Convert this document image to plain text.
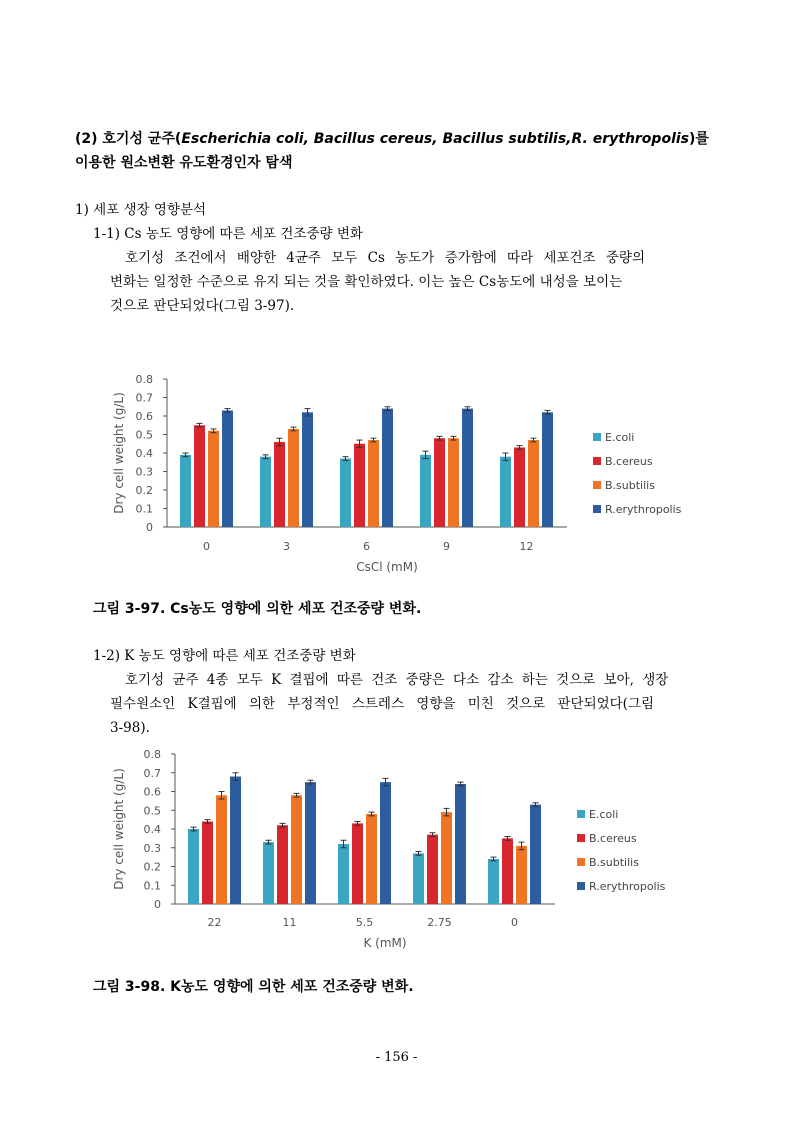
(2) 호기성 균주(Escherichia coli, Bacillus cereus, Bacillus subtilis,R. erythropolis)를
이용한 원소변환 유도환경인자 탐색
1) 세포 생장 영향분석
1-1) Cs 농도 영향에 따른 세포 건조중량 변화
호기성 조건에서 배양한 4균주 모두 Cs 농도가 증가함에 따라 세포건조 중량의
변화는 일정한 수준으로 유지 되는 것을 확인하였다. 이는 높은 Cs농도에 내성을 보이는
것으로 판단되었다(그림 3-97).
0
0.1
0.2
0.3
0.4
0.5
0.6
0.7
0.8
Dry cell weight (g/L)
0	3	6	9	12
CsCl (mM)
E.coli
B.cereus
B.subtilis
R.erythropolis
그림 3-97. Cs농도 영향에 의한 세포 건조중량 변화.
1-2) K 농도 영향에 따른 세포 건조중량 변화
호기성 균주 4종 모두 K 결핍에 따른 건조 중량은 다소 감소 하는 것으로 보아, 생장
필수원소인 K결핍에 의한 부정적인 스트레스 영향을 미친 것으로 판단되었다(그림
3-98).
0
0.1
0.2
0.3
0.4
0.5
0.6
0.7
0.8
Dry cell weight (g/L)
22	11	5.5	2.75	0
K (mM)
E.coli
B.cereus
B.subtilis
R.erythropolis
그림 3-98. K농도 영향에 의한 세포 건조중량 변화.
- 156 -
